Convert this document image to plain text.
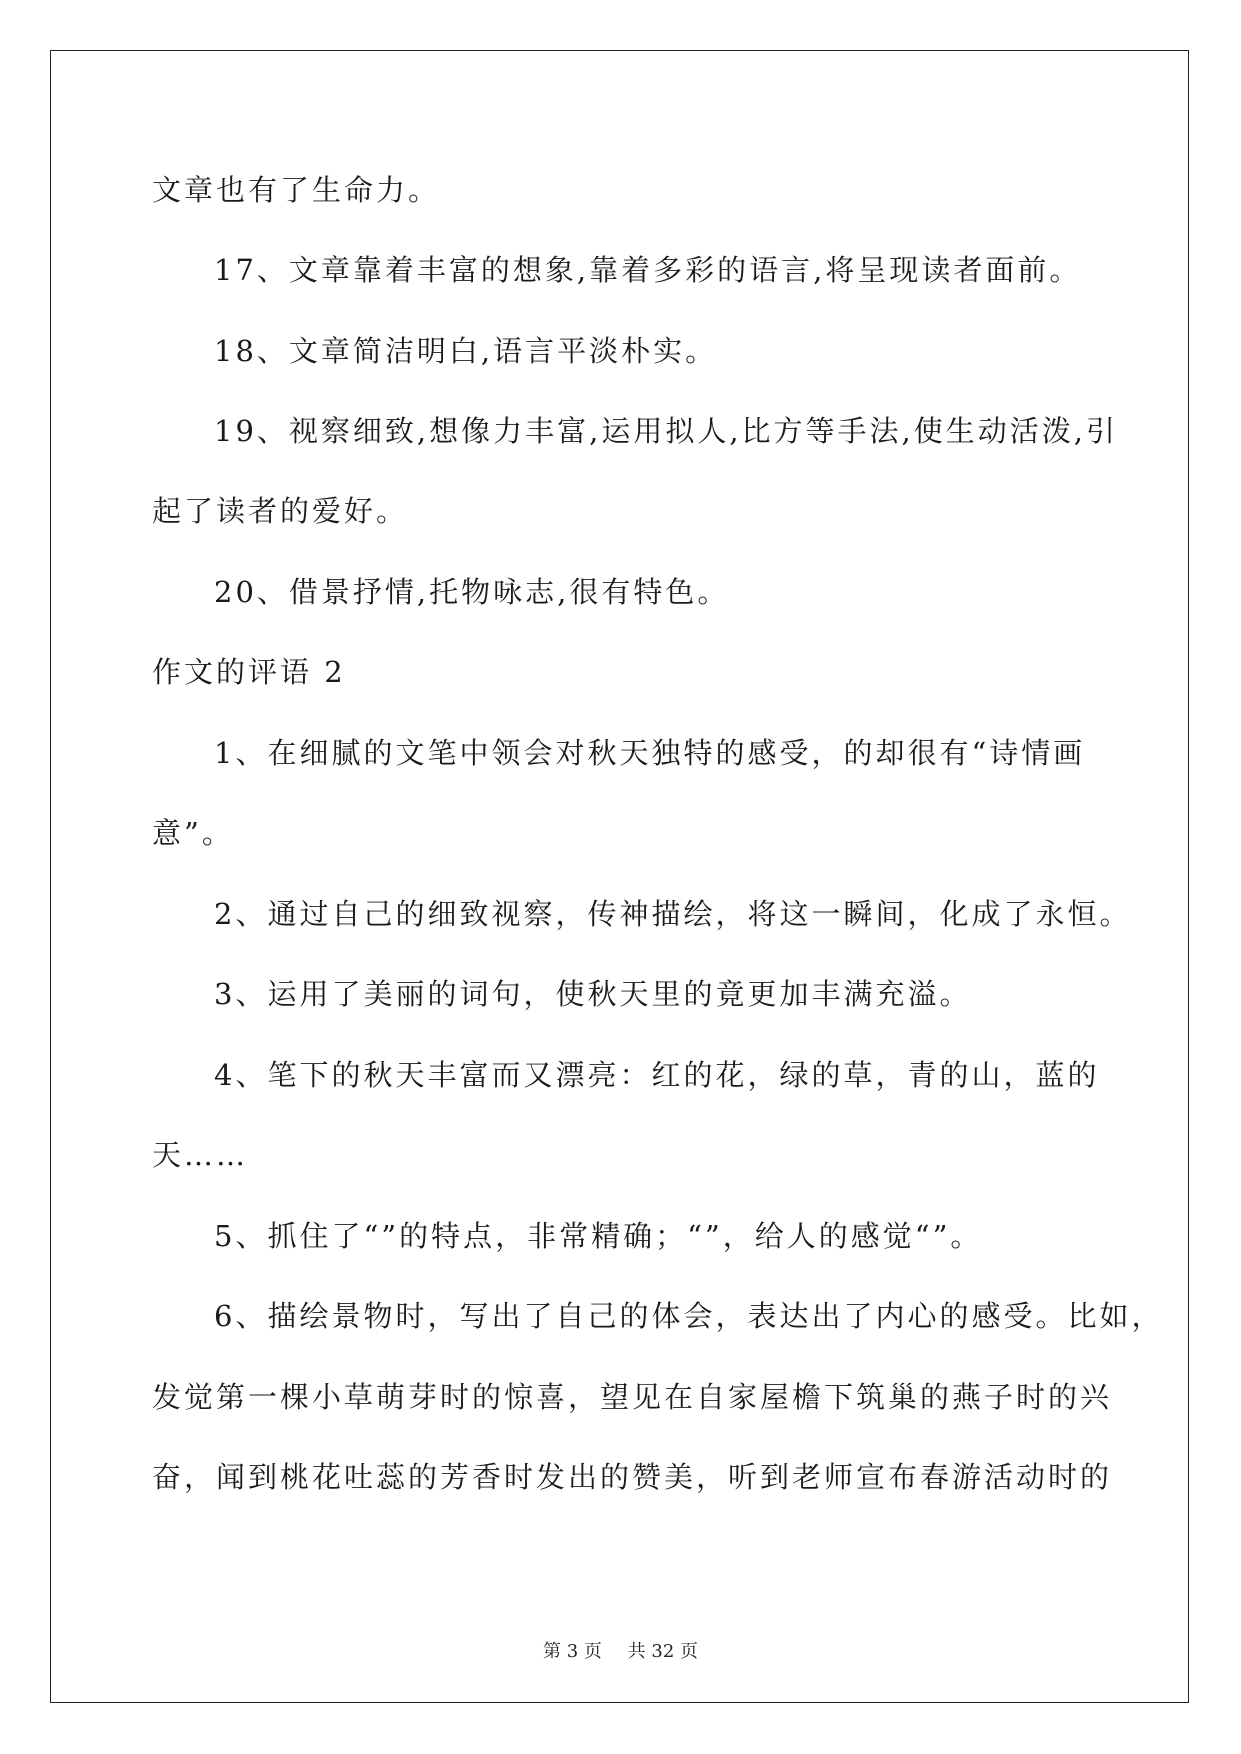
文章也有了生命力。

17、文章靠着丰富的想象,靠着多彩的语言,将呈现读者面前。

18、文章简洁明白,语言平淡朴实。

19、视察细致,想像力丰富,运用拟人,比方等手法,使生动活泼,引

起了读者的爱好。

20、借景抒情,托物咏志,很有特色。

作文的评语 2

1、在细腻的文笔中领会对秋天独特的感受，的却很有“诗情画

意”。

2、通过自己的细致视察，传神描绘，将这一瞬间，化成了永恒。

3、运用了美丽的词句，使秋天里的竟更加丰满充溢。

4、笔下的秋天丰富而又漂亮：红的花，绿的草，青的山，蓝的

天……

5、抓住了“”的特点，非常精确；“”，给人的感觉“”。

6、描绘景物时，写出了自己的体会，表达出了内心的感受。比如，

发觉第一棵小草萌芽时的惊喜，望见在自家屋檐下筑巢的燕子时的兴

奋，闻到桃花吐蕊的芳香时发出的赞美，听到老师宣布春游活动时的

第 3 页 共 32 页
